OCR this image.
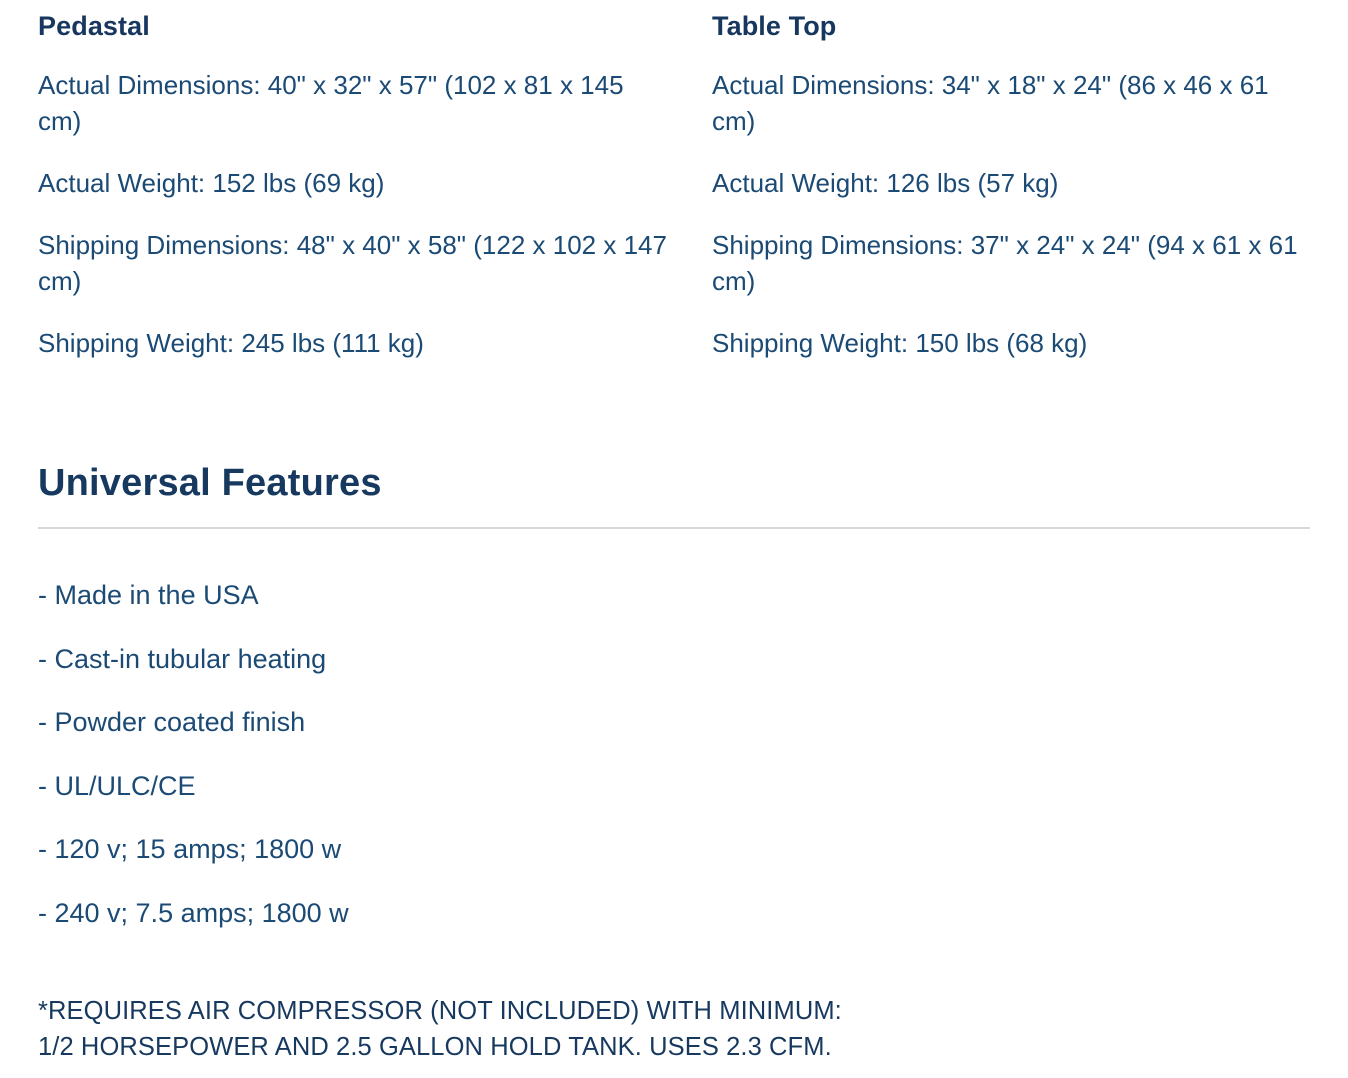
Pedastal

Actual Dimensions: 40" x 32" x 57" (102 x 81 x 145 cm)

Actual Weight: 152 lbs (69 kg)

Shipping Dimensions: 48" x 40" x 58" (122 x 102 x 147 cm)

Shipping Weight: 245 lbs (111 kg)

Table Top

Actual Dimensions: 34" x 18" x 24" (86 x 46 x 61 cm)

Actual Weight: 126 lbs (57 kg)

Shipping Dimensions: 37" x 24" x 24" (94 x 61 x 61 cm)

Shipping Weight: 150 lbs (68 kg)

Universal Features

- Made in the USA

- Cast-in tubular heating

- Powder coated finish

- UL/ULC/CE

- 120 v; 15 amps; 1800 w

- 240 v; 7.5 amps; 1800 w

*REQUIRES AIR COMPRESSOR (NOT INCLUDED) WITH MINIMUM:
1/2 HORSEPOWER AND 2.5 GALLON HOLD TANK. USES 2.3 CFM.
